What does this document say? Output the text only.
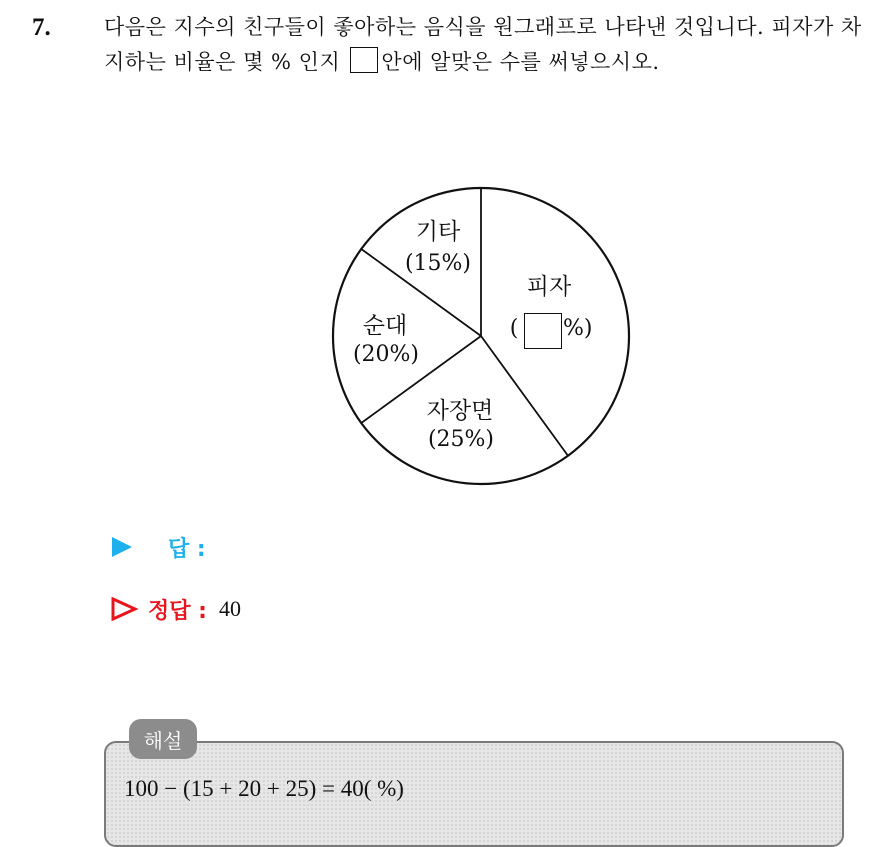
7.	다음은 지수의 친구들이 좋아하는 음식을 원그래프로 나타낸 것입니다. 피자가 차지하는 비율은 몇 % 인지 안에 알맞은 수를 써넣으시오.
기타
(15%)
피자
( %)
순대
(20%)
자장면
(25%)
답 :
정답 : 40
해설
100 − (15 + 20 + 25) = 40( %)
